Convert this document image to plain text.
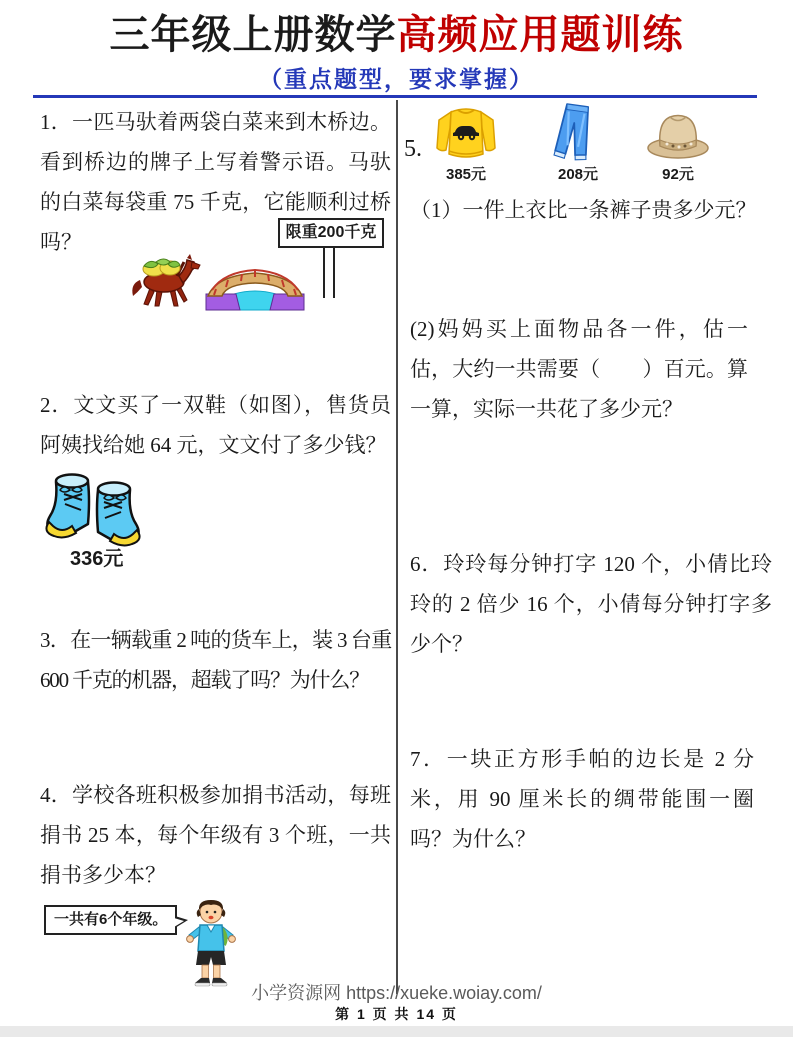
三年级上册数学高频应用题训练
（重点题型，要求掌握）
1．一匹马驮着两袋白菜来到木桥边。看到桥边的牌子上写着警示语。马驮的白菜每袋重 75 千克，它能顺利过桥吗？	限重200千克
2．文文买了一双鞋（如图），售货员阿姨找给她 64 元，文文付了多少钱？
336元
3．在一辆载重 2 吨的货车上，装 3 台重 600 千克的机器，超载了吗？为什么？
4．学校各班积极参加捐书活动，每班捐书 25 本，每个年级有 3 个班，一共捐书多少本？
一共有6个年级。
5.
385元	208元	92元
（1）一件上衣比一条裤子贵多少元？
(2)妈妈买上面物品各一件，估一估，大约一共需要（　　）百元。算一算，实际一共花了多少元？
6．玲玲每分钟打字 120 个，小倩比玲玲的 2 倍少 16 个，小倩每分钟打字多少个？
7．一块正方形手帕的边长是 2 分米，用 90 厘米长的绸带能围一圈吗？为什么？
小学资源网 https://xueke.woiay.com/
第 1 页 共 14 页
